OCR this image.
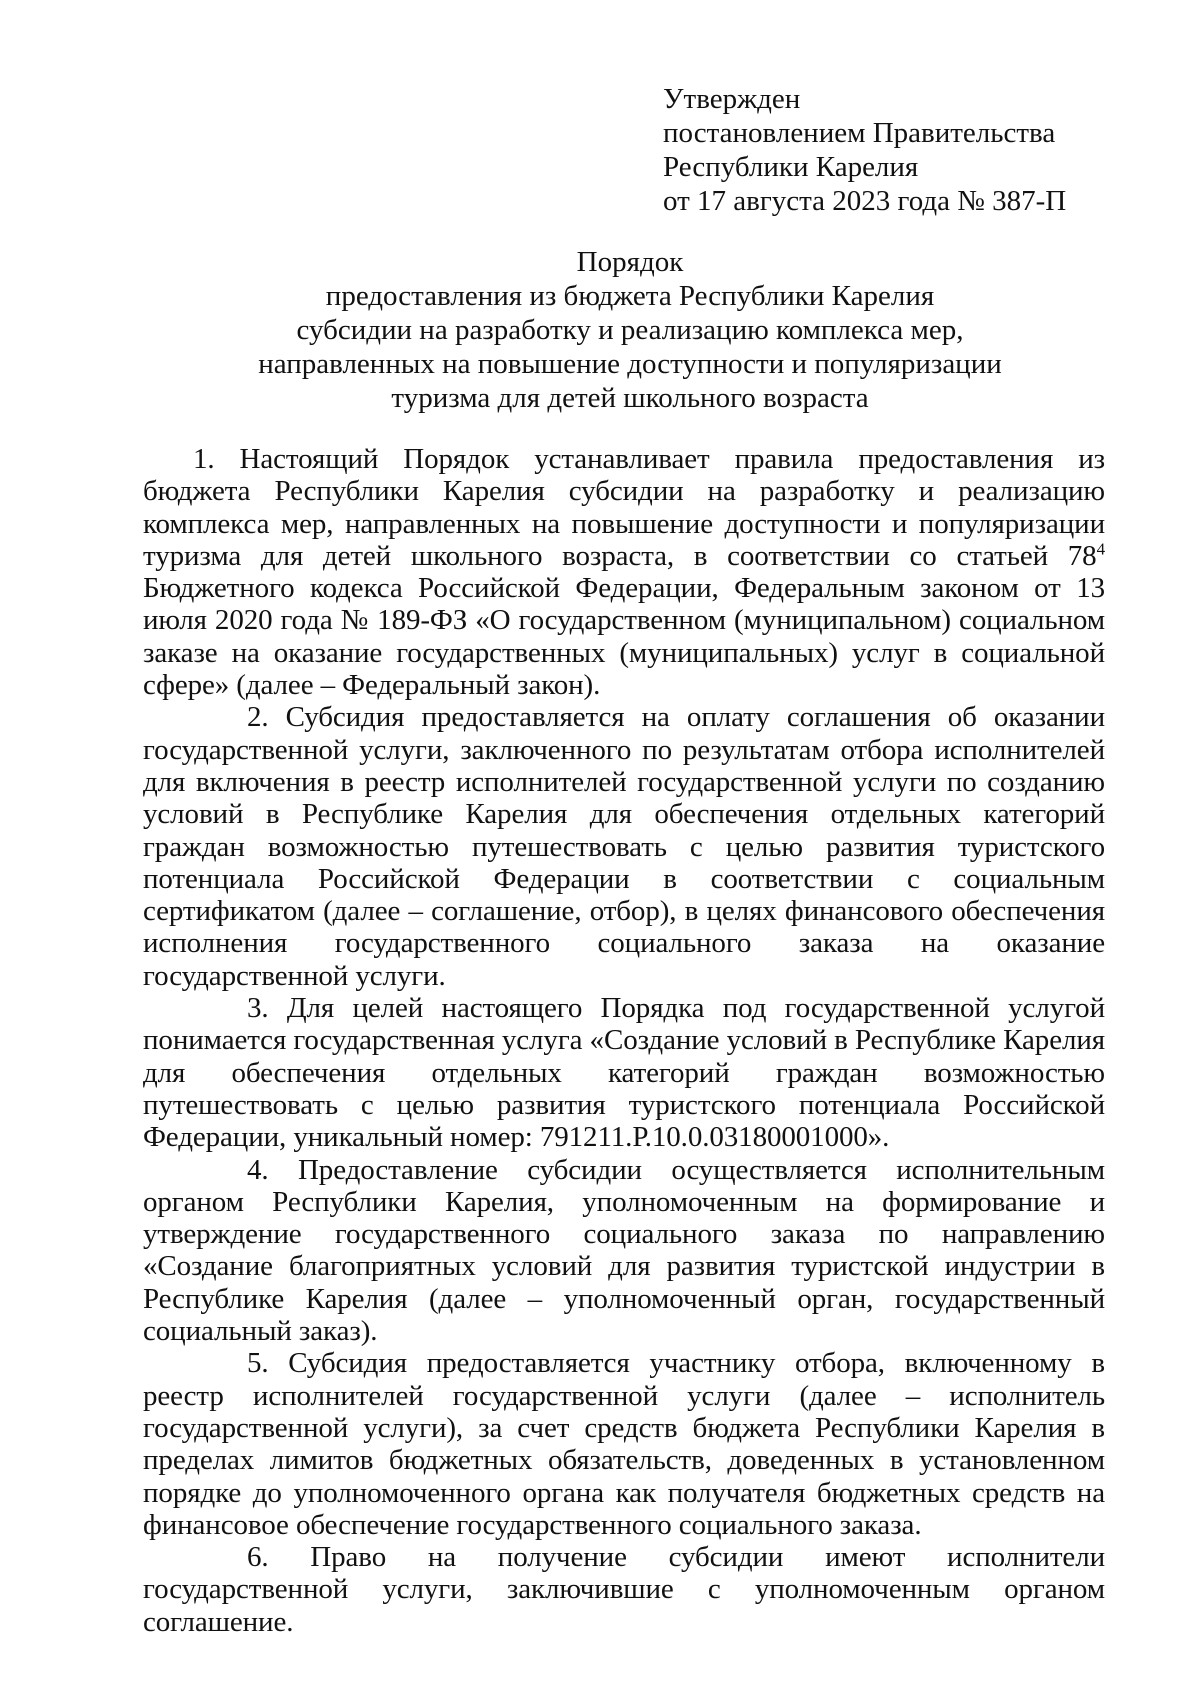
Утвержден
постановлением Правительства
Республики Карелия
от 17 августа 2023 года № 387-П
Порядок
предоставления из бюджета Республики Карелия
субсидии на разработку и реализацию комплекса мер,
направленных на повышение доступности и популяризации
туризма для детей школьного возраста

1. Настоящий Порядок устанавливает правила предоставления из бюджета Республики Карелия субсидии на разработку и реализацию комплекса мер, направленных на повышение доступности и популяризации туризма для детей школьного возраста, в соответствии со статьей $78^4$ Бюджетного кодекса Российской Федерации, Федеральным законом от 13 июля 2020 года № 189-ФЗ «О государственном (муниципальном) социальном заказе на оказание государственных (муниципальных) услуг в социальной сфере» (далее – Федеральный закон).

2. Субсидия предоставляется на оплату соглашения об оказании государственной услуги, заключенного по результатам отбора исполнителей для включения в реестр исполнителей государственной услуги по созданию условий в Республике Карелия для обеспечения отдельных категорий граждан возможностью путешествовать с целью развития туристского потенциала Российской Федерации в соответствии с социальным сертификатом (далее – соглашение, отбор), в целях финансового обеспечения исполнения государственного социального заказа на оказание государственной услуги.

3. Для целей настоящего Порядка под государственной услугой понимается государственная услуга «Создание условий в Республике Карелия для обеспечения отдельных категорий граждан возможностью путешествовать с целью развития туристского потенциала Российской Федерации, уникальный номер: 791211.Р.10.0.03180001000».

4. Предоставление субсидии осуществляется исполнительным органом Республики Карелия, уполномоченным на формирование и утверждение государственного социального заказа по направлению «Создание благоприятных условий для развития туристской индустрии в Республике Карелия (далее – уполномоченный орган, государственный социальный заказ).

5. Субсидия предоставляется участнику отбора, включенному в реестр исполнителей государственной услуги (далее – исполнитель государственной услуги), за счет средств бюджета Республики Карелия в пределах лимитов бюджетных обязательств, доведенных в установленном порядке до уполномоченного органа как получателя бюджетных средств на финансовое обеспечение государственного социального заказа.

6. Право на получение субсидии имеют исполнители государственной услуги, заключившие с уполномоченным органом соглашение.
